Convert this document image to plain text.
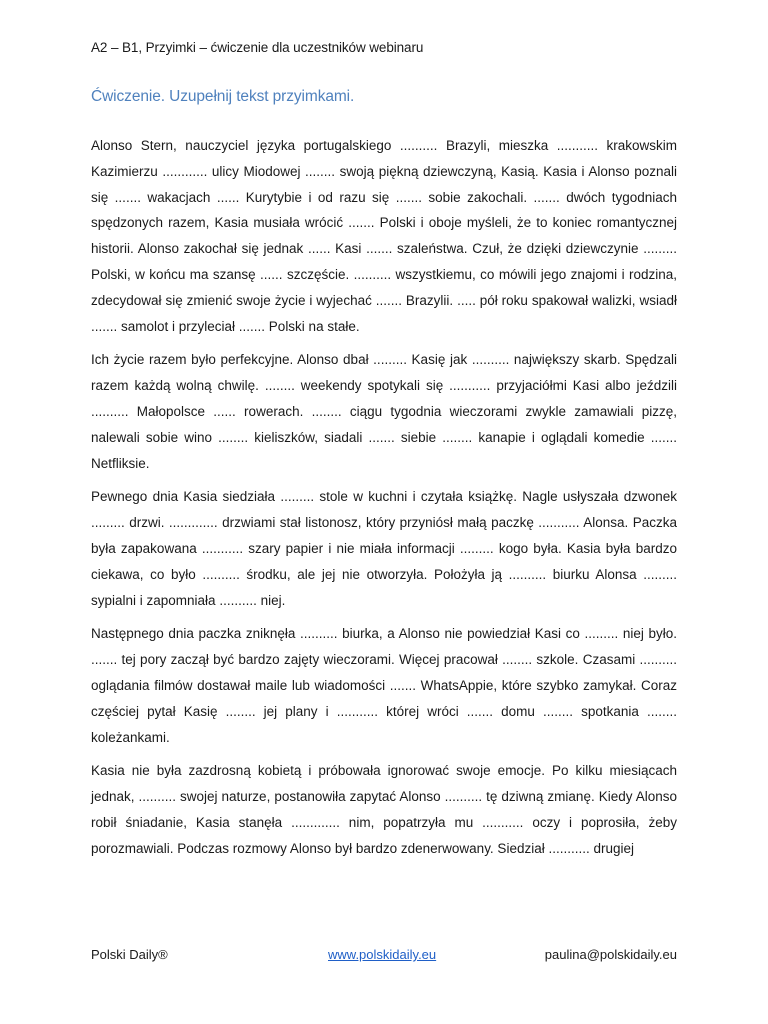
A2 – B1, Przyimki – ćwiczenie dla uczestników webinaru
Ćwiczenie. Uzupełnij tekst przyimkami.

Alonso Stern, nauczyciel języka portugalskiego .......... Brazyli, mieszka ........... krakowskim Kazimierzu ............ ulicy Miodowej ........ swoją piękną dziewczyną, Kasią. Kasia i Alonso poznali się ....... wakacjach ...... Kurytybie i od razu się ....... sobie zakochali. ....... dwóch tygodniach spędzonych razem, Kasia musiała wrócić ....... Polski i oboje myśleli, że to koniec romantycznej historii. Alonso zakochał się jednak ...... Kasi ....... szaleństwa. Czuł, że dzięki dziewczynie ......... Polski, w końcu ma szansę ...... szczęście. .......... wszystkiemu, co mówili jego znajomi i rodzina, zdecydował się zmienić swoje życie i wyjechać ....... Brazylii. ..... pół roku spakował walizki, wsiadł ....... samolot i przyleciał ....... Polski na stałe.

Ich życie razem było perfekcyjne. Alonso dbał ......... Kasię jak .......... największy skarb. Spędzali razem każdą wolną chwilę. ........ weekendy spotykali się ........... przyjaciółmi Kasi albo jeździli .......... Małopolsce ...... rowerach. ........ ciągu tygodnia wieczorami zwykle zamawiali pizzę, nalewali sobie wino ........ kieliszków, siadali ....... siebie ........ kanapie i oglądali komedie ....... Netfliksie.

Pewnego dnia Kasia siedziała ......... stole w kuchni i czytała książkę. Nagle usłyszała dzwonek ......... drzwi. ............. drzwiami stał listonosz, który przyniósł małą paczkę ........... Alonsa. Paczka była zapakowana ........... szary papier i nie miała informacji ......... kogo była. Kasia była bardzo ciekawa, co było .......... środku, ale jej nie otworzyła. Położyła ją .......... biurku Alonsa ......... sypialni i zapomniała .......... niej.

Następnego dnia paczka zniknęła .......... biurka, a Alonso nie powiedział Kasi co ......... niej było. ....... tej pory zaczął być bardzo zajęty wieczorami. Więcej pracował ........ szkole. Czasami .......... oglądania filmów dostawał maile lub wiadomości ....... WhatsAppie, które szybko zamykał. Coraz częściej pytał Kasię ........ jej plany i ........... której wróci ....... domu ........ spotkania ........ koleżankami.

Kasia nie była zazdrosną kobietą i próbowała ignorować swoje emocje. Po kilku miesiącach jednak, .......... swojej naturze, postanowiła zapytać Alonso .......... tę dziwną zmianę. Kiedy Alonso robił śniadanie, Kasia stanęła ............. nim, popatrzyła mu ........... oczy i poprosiła, żeby porozmawiali. Podczas rozmowy Alonso był bardzo zdenerwowany. Siedział ........... drugiej

Polski Daily®	www.polskidaily.eu	paulina@polskidaily.eu
